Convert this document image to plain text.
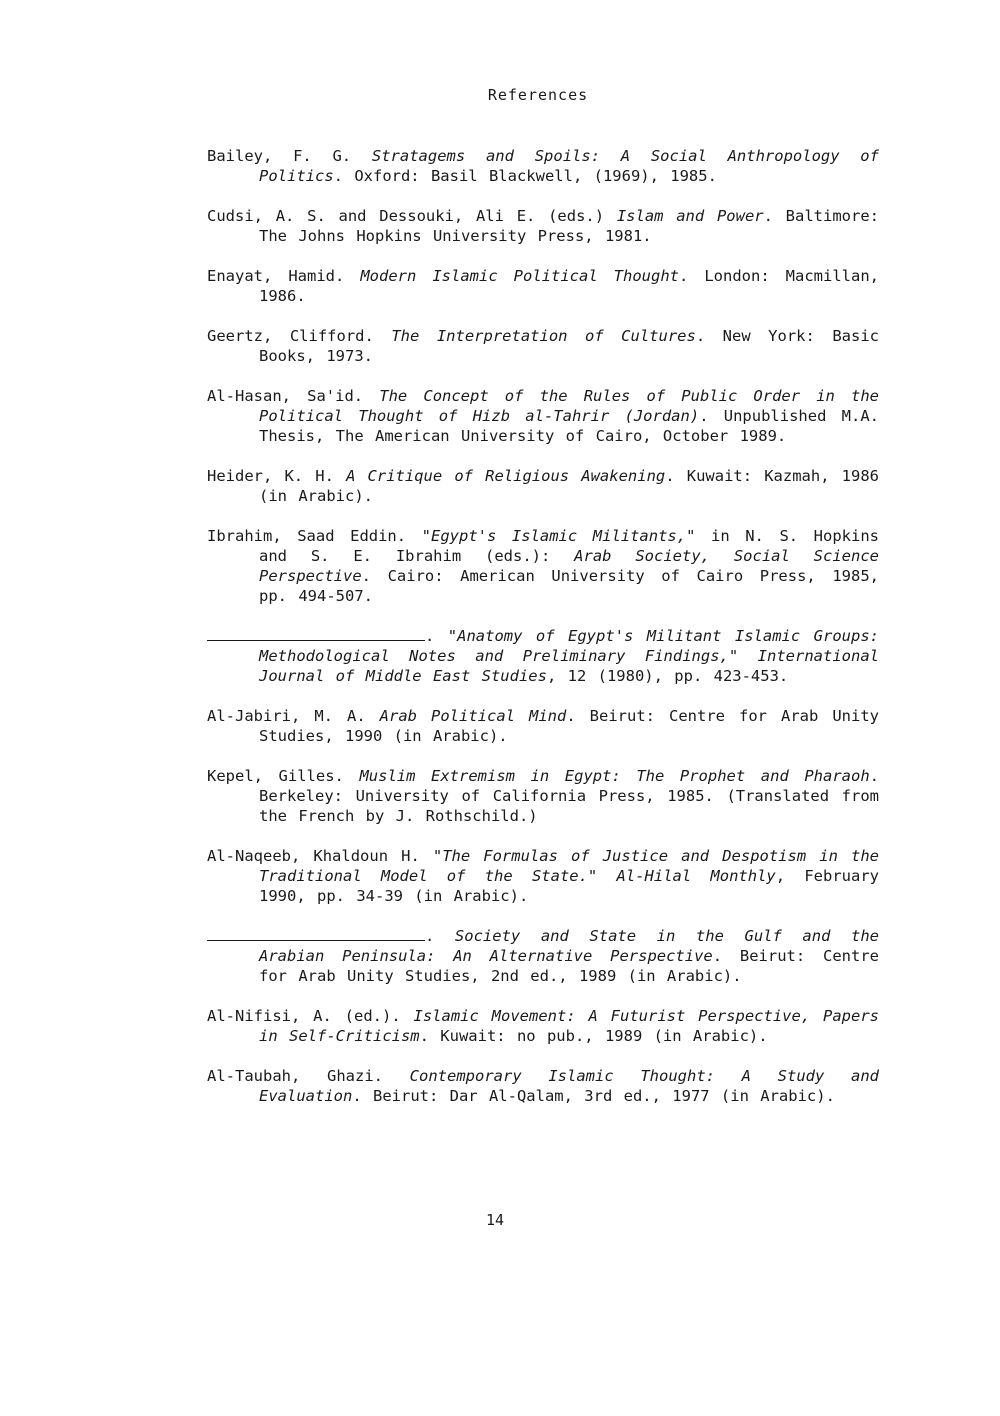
References

Bailey, F. G. Stratagems and Spoils: A Social Anthropology of Politics. Oxford: Basil Blackwell, (1969), 1985.

Cudsi, A. S. and Dessouki, Ali E. (eds.) Islam and Power. Baltimore: The Johns Hopkins University Press, 1981.

Enayat, Hamid. Modern Islamic Political Thought. London: Macmillan, 1986.

Geertz, Clifford. The Interpretation of Cultures. New York: Basic Books, 1973.

Al-Hasan, Sa'id. The Concept of the Rules of Public Order in the Political Thought of Hizb al-Tahrir (Jordan). Unpublished M.A. Thesis, The American University of Cairo, October 1989.

Heider, K. H. A Critique of Religious Awakening. Kuwait: Kazmah, 1986 (in Arabic).

Ibrahim, Saad Eddin. "Egypt's Islamic Militants," in N. S. Hopkins and S. E. Ibrahim (eds.): Arab Society, Social Science Perspective. Cairo: American University of Cairo Press, 1985, pp. 494-507.

. "Anatomy of Egypt's Militant Islamic Groups: Methodological Notes and Preliminary Findings," International Journal of Middle East Studies, 12 (1980), pp. 423-453.

Al-Jabiri, M. A. Arab Political Mind. Beirut: Centre for Arab Unity Studies, 1990 (in Arabic).

Kepel, Gilles. Muslim Extremism in Egypt: The Prophet and Pharaoh. Berkeley: University of California Press, 1985. (Translated from the French by J. Rothschild.)

Al-Naqeeb, Khaldoun H. "The Formulas of Justice and Despotism in the Traditional Model of the State." Al-Hilal Monthly, February 1990, pp. 34-39 (in Arabic).

. Society and State in the Gulf and the Arabian Peninsula: An Alternative Perspective. Beirut: Centre for Arab Unity Studies, 2nd ed., 1989 (in Arabic).

Al-Nifisi, A. (ed.). Islamic Movement: A Futurist Perspective, Papers in Self-Criticism. Kuwait: no pub., 1989 (in Arabic).

Al-Taubah, Ghazi. Contemporary Islamic Thought: A Study and Evaluation. Beirut: Dar Al-Qalam, 3rd ed., 1977 (in Arabic).

14
